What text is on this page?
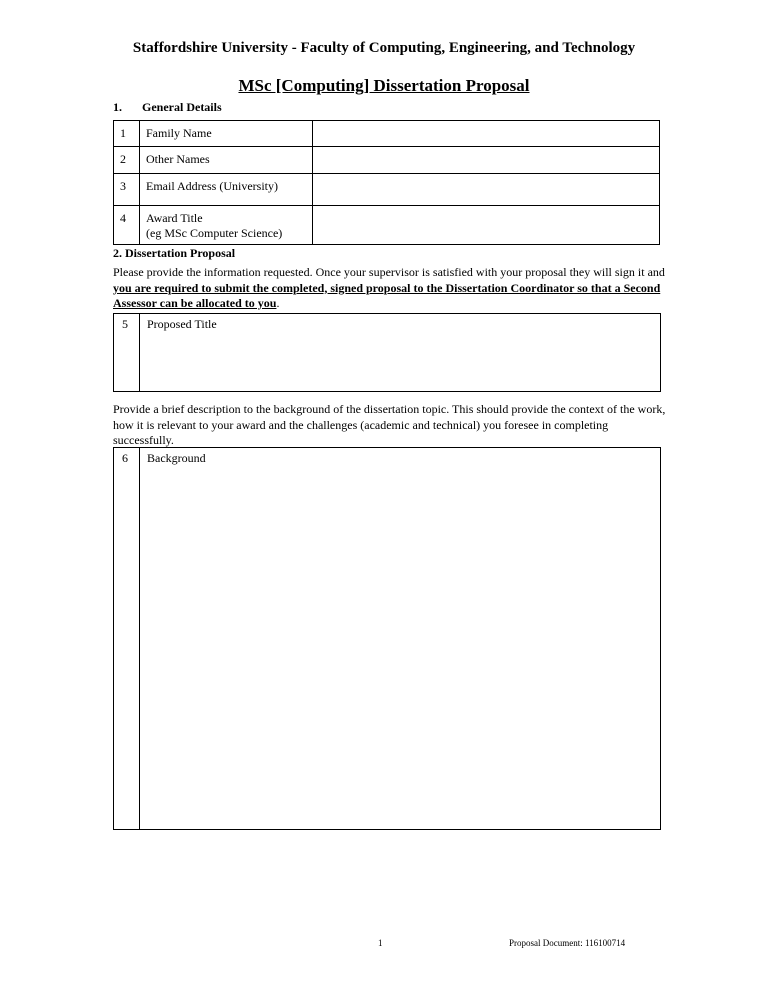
Staffordshire University - Faculty of Computing, Engineering, and Technology
MSc [Computing] Dissertation Proposal
1. General Details
1	Family Name	
2	Other Names	
3	Email Address (University)	
4	Award Title
(eg MSc Computer Science)	

2. Dissertation Proposal
Please provide the information requested. Once your supervisor is satisfied with your proposal they will sign it and you are required to submit the completed, signed proposal to the Dissertation Coordinator so that a Second Assessor can be allocated to you.
5 Proposed Title
Provide a brief description to the background of the dissertation topic. This should provide the context of the work, how it is relevant to your award and the challenges (academic and technical) you foresee in completing successfully.
6 Background
1	Proposal Document: 116100714
